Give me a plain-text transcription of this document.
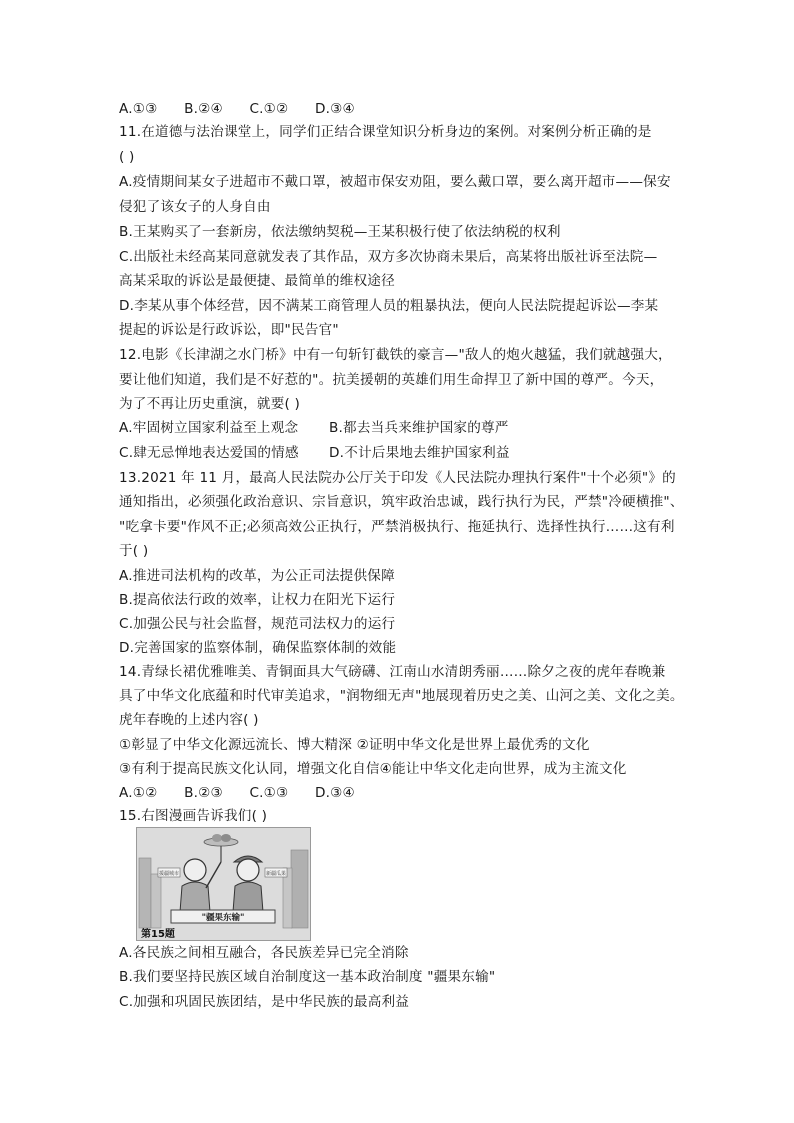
A.①③ B.②④ C.①② D.③④
11.在道德与法治课堂上，同学们正结合课堂知识分析身边的案例。对案例分析正确的是
( )
A.疫情期间某女子进超市不戴口罩，被超市保安劝阻，要么戴口罩，要么离开超市——保安
侵犯了该女子的人身自由
B.王某购买了一套新房，依法缴纳契税—王某积极行使了依法纳税的权利
C.出版社未经高某同意就发表了其作品，双方多次协商未果后，高某将出版社诉至法院—
高某采取的诉讼是最便捷、最简单的维权途径
D.李某从事个体经营，因不满某工商管理人员的粗暴执法，便向人民法院提起诉讼—李某
提起的诉讼是行政诉讼，即"民告官"
12.电影《长津湖之水门桥》中有一句斩钉截铁的豪言—"敌人的炮火越猛，我们就越强大，
要让他们知道，我们是不好惹的"。抗美援朝的英雄们用生命捍卫了新中国的尊严。今天，
为了不再让历史重演，就要( )
A.牢固树立国家利益至上观念 B.都去当兵来维护国家的尊严
C.肆无忌惮地表达爱国的情感 D.不计后果地去维护国家利益
13.2021 年 11 月，最高人民法院办公厅关于印发《人民法院办理执行案件"十个必须"》的
通知指出，必须强化政治意识、宗旨意识，筑牢政治忠诚，践行执行为民，严禁"冷硬横推"、
"吃拿卡要"作风不正;必须高效公正执行，严禁消极执行、拖延执行、选择性执行……这有利
于( )
A.推进司法机构的改革，为公正司法提供保障
B.提高依法行政的效率，让权力在阳光下运行
C.加强公民与社会监督，规范司法权力的运行
D.完善国家的监察体制，确保监察体制的效能
14.青绿长裙优雅唯美、青铜面具大气磅礴、江南山水清朗秀丽……除夕之夜的虎年春晚兼
具了中华文化底蕴和时代审美追求，"润物细无声"地展现着历史之美、山河之美、文化之美。
虎年春晚的上述内容( )
①彰显了中华文化源远流长、博大精深 ②证明中华文化是世界上最优秀的文化
③有利于提高民族文化认同，增强文化自信④能让中华文化走向世界，成为主流文化
A.①② B.②③ C.①③ D.③④
15.右图漫画告诉我们( )
援疆城市	新疆瓜果
"疆果东输"
第15题
A.各民族之间相互融合，各民族差异已完全消除
B.我们要坚持民族区域自治制度这一基本政治制度 "疆果东输"
C.加强和巩固民族团结，是中华民族的最高利益
